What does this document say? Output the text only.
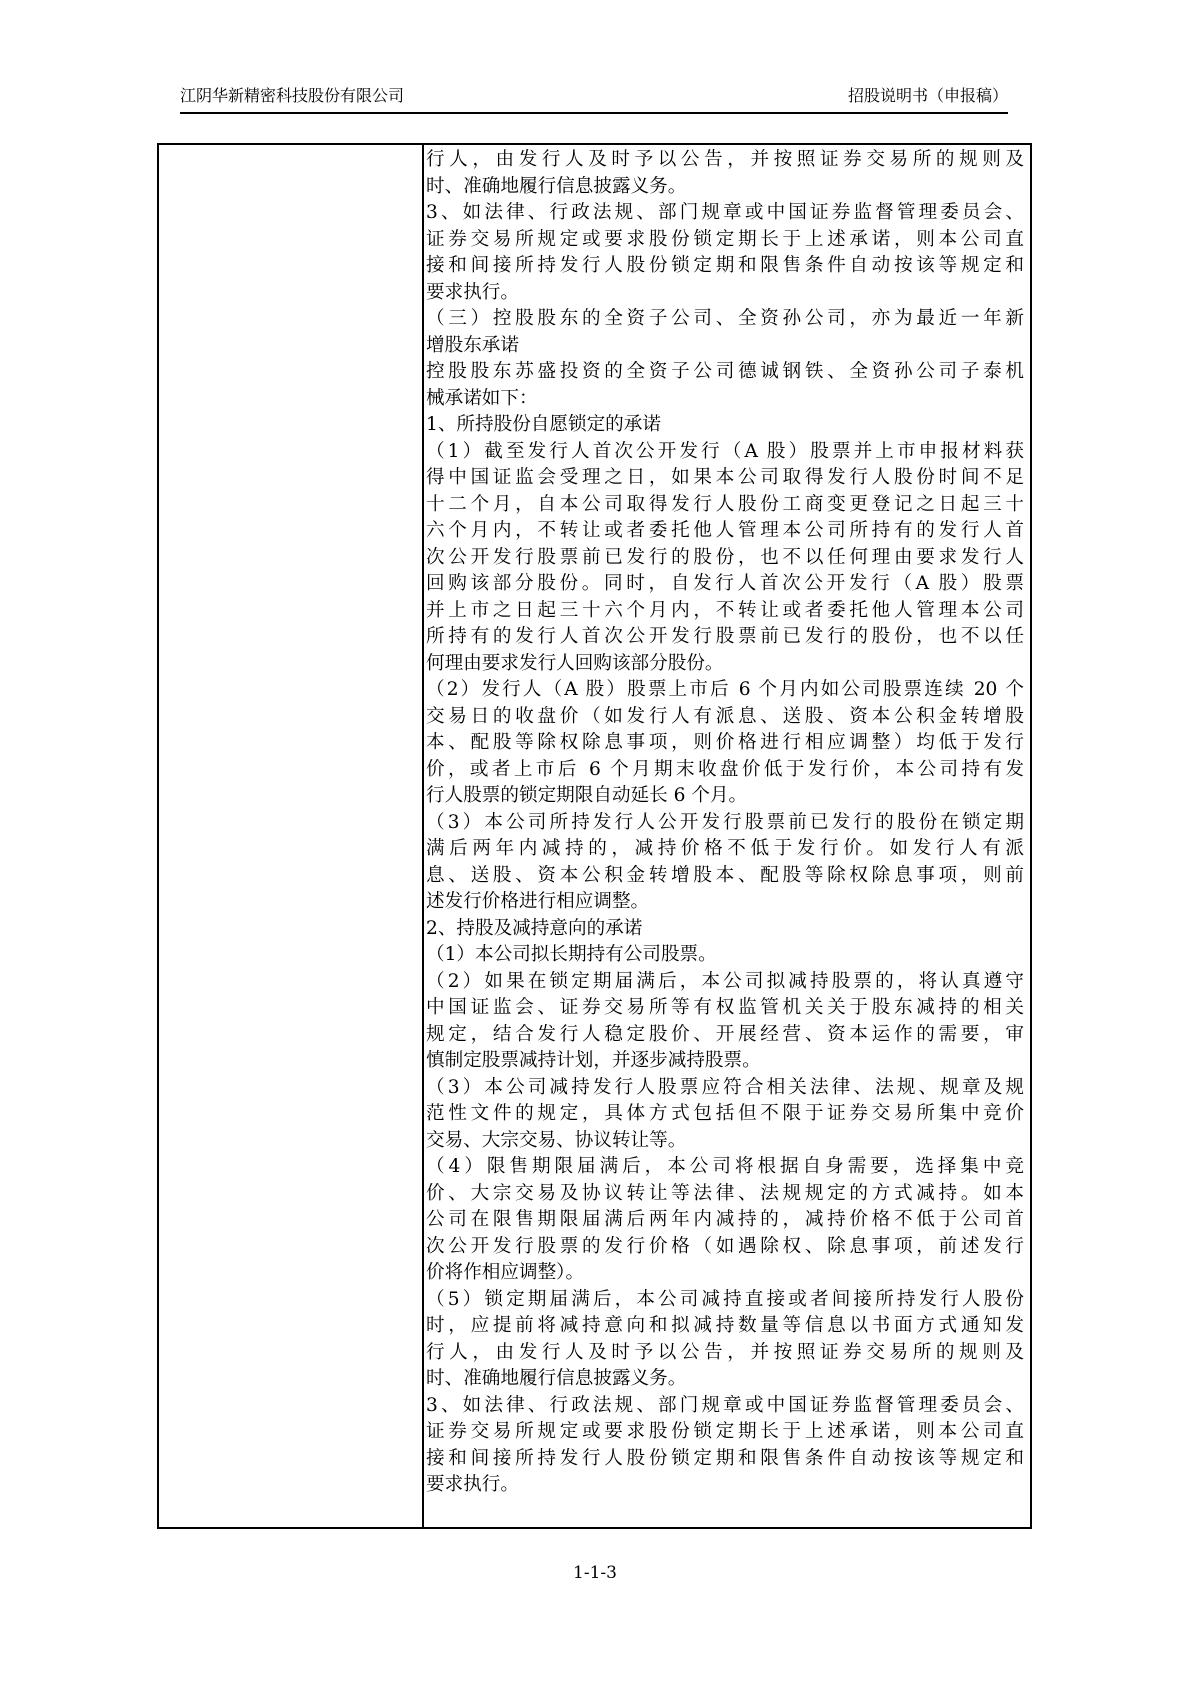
江阴华新精密科技股份有限公司	招股说明书（申报稿）
行人，由发行人及时予以公告，并按照证券交易所的规则及
时、准确地履行信息披露义务。
3、如法律、行政法规、部门规章或中国证券监督管理委员会、
证券交易所规定或要求股份锁定期长于上述承诺，则本公司直
接和间接所持发行人股份锁定期和限售条件自动按该等规定和
要求执行。
（三）控股股东的全资子公司、全资孙公司，亦为最近一年新
增股东承诺
控股股东苏盛投资的全资子公司德诚钢铁、全资孙公司子泰机
械承诺如下：
1、所持股份自愿锁定的承诺
（1）截至发行人首次公开发行（A 股）股票并上市申报材料获
得中国证监会受理之日，如果本公司取得发行人股份时间不足
十二个月，自本公司取得发行人股份工商变更登记之日起三十
六个月内，不转让或者委托他人管理本公司所持有的发行人首
次公开发行股票前已发行的股份，也不以任何理由要求发行人
回购该部分股份。同时，自发行人首次公开发行（A 股）股票
并上市之日起三十六个月内，不转让或者委托他人管理本公司
所持有的发行人首次公开发行股票前已发行的股份，也不以任
何理由要求发行人回购该部分股份。
（2）发行人（A 股）股票上市后 6 个月内如公司股票连续 20 个
交易日的收盘价（如发行人有派息、送股、资本公积金转增股
本、配股等除权除息事项，则价格进行相应调整）均低于发行
价，或者上市后 6 个月期末收盘价低于发行价，本公司持有发
行人股票的锁定期限自动延长 6 个月。
（3）本公司所持发行人公开发行股票前已发行的股份在锁定期
满后两年内减持的，减持价格不低于发行价。如发行人有派
息、送股、资本公积金转增股本、配股等除权除息事项，则前
述发行价格进行相应调整。
2、持股及减持意向的承诺
（1）本公司拟长期持有公司股票。
（2）如果在锁定期届满后，本公司拟减持股票的，将认真遵守
中国证监会、证券交易所等有权监管机关关于股东减持的相关
规定，结合发行人稳定股价、开展经营、资本运作的需要，审
慎制定股票减持计划，并逐步减持股票。
（3）本公司减持发行人股票应符合相关法律、法规、规章及规
范性文件的规定，具体方式包括但不限于证券交易所集中竞价
交易、大宗交易、协议转让等。
（4）限售期限届满后，本公司将根据自身需要，选择集中竞
价、大宗交易及协议转让等法律、法规规定的方式减持。如本
公司在限售期限届满后两年内减持的，减持价格不低于公司首
次公开发行股票的发行价格（如遇除权、除息事项，前述发行
价将作相应调整）。
（5）锁定期届满后，本公司减持直接或者间接所持发行人股份
时，应提前将减持意向和拟减持数量等信息以书面方式通知发
行人，由发行人及时予以公告，并按照证券交易所的规则及
时、准确地履行信息披露义务。
3、如法律、行政法规、部门规章或中国证券监督管理委员会、
证券交易所规定或要求股份锁定期长于上述承诺，则本公司直
接和间接所持发行人股份锁定期和限售条件自动按该等规定和
要求执行。
1-1-3
